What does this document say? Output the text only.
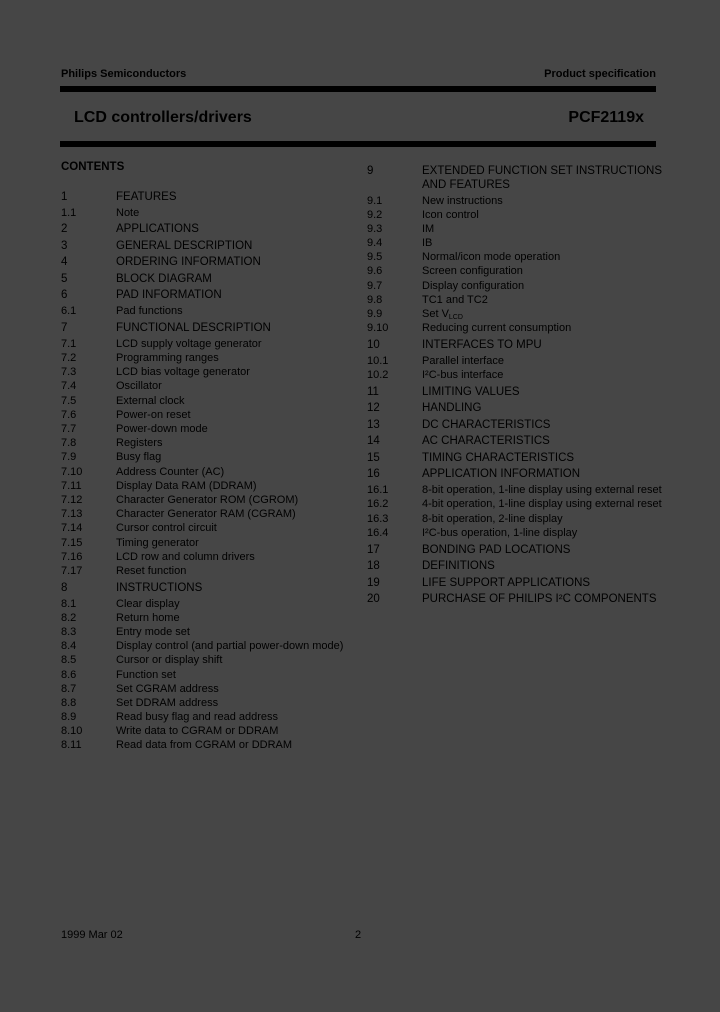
Philips Semiconductors	Product specification
LCD controllers/drivers	PCF2119x
CONTENTS
1	FEATURES
1.1	Note
2	APPLICATIONS
3	GENERAL DESCRIPTION
4	ORDERING INFORMATION
5	BLOCK DIAGRAM
6	PAD INFORMATION
6.1	Pad functions
7	FUNCTIONAL DESCRIPTION
7.1	LCD supply voltage generator
7.2	Programming ranges
7.3	LCD bias voltage generator
7.4	Oscillator
7.5	External clock
7.6	Power-on reset
7.7	Power-down mode
7.8	Registers
7.9	Busy flag
7.10	Address Counter (AC)
7.11	Display Data RAM (DDRAM)
7.12	Character Generator ROM (CGROM)
7.13	Character Generator RAM (CGRAM)
7.14	Cursor control circuit
7.15	Timing generator
7.16	LCD row and column drivers
7.17	Reset function
8	INSTRUCTIONS
8.1	Clear display
8.2	Return home
8.3	Entry mode set
8.4	Display control (and partial power-down mode)
8.5	Cursor or display shift
8.6	Function set
8.7	Set CGRAM address
8.8	Set DDRAM address
8.9	Read busy flag and read address
8.10	Write data to CGRAM or DDRAM
8.11	Read data from CGRAM or DDRAM
9	EXTENDED FUNCTION SET INSTRUCTIONS AND FEATURES
9.1	New instructions
9.2	Icon control
9.3	IM
9.4	IB
9.5	Normal/icon mode operation
9.6	Screen configuration
9.7	Display configuration
9.8	TC1 and TC2
9.9	Set $V_{LCD}$
9.10	Reducing current consumption
10	INTERFACES TO MPU
10.1	Parallel interface
10.2	I²C-bus interface
11	LIMITING VALUES
12	HANDLING
13	DC CHARACTERISTICS
14	AC CHARACTERISTICS
15	TIMING CHARACTERISTICS
16	APPLICATION INFORMATION
16.1	8-bit operation, 1-line display using external reset
16.2	4-bit operation, 1-line display using external reset
16.3	8-bit operation, 2-line display
16.4	I²C-bus operation, 1-line display
17	BONDING PAD LOCATIONS
18	DEFINITIONS
19	LIFE SUPPORT APPLICATIONS
20	PURCHASE OF PHILIPS I²C COMPONENTS
1999 Mar 02	2
